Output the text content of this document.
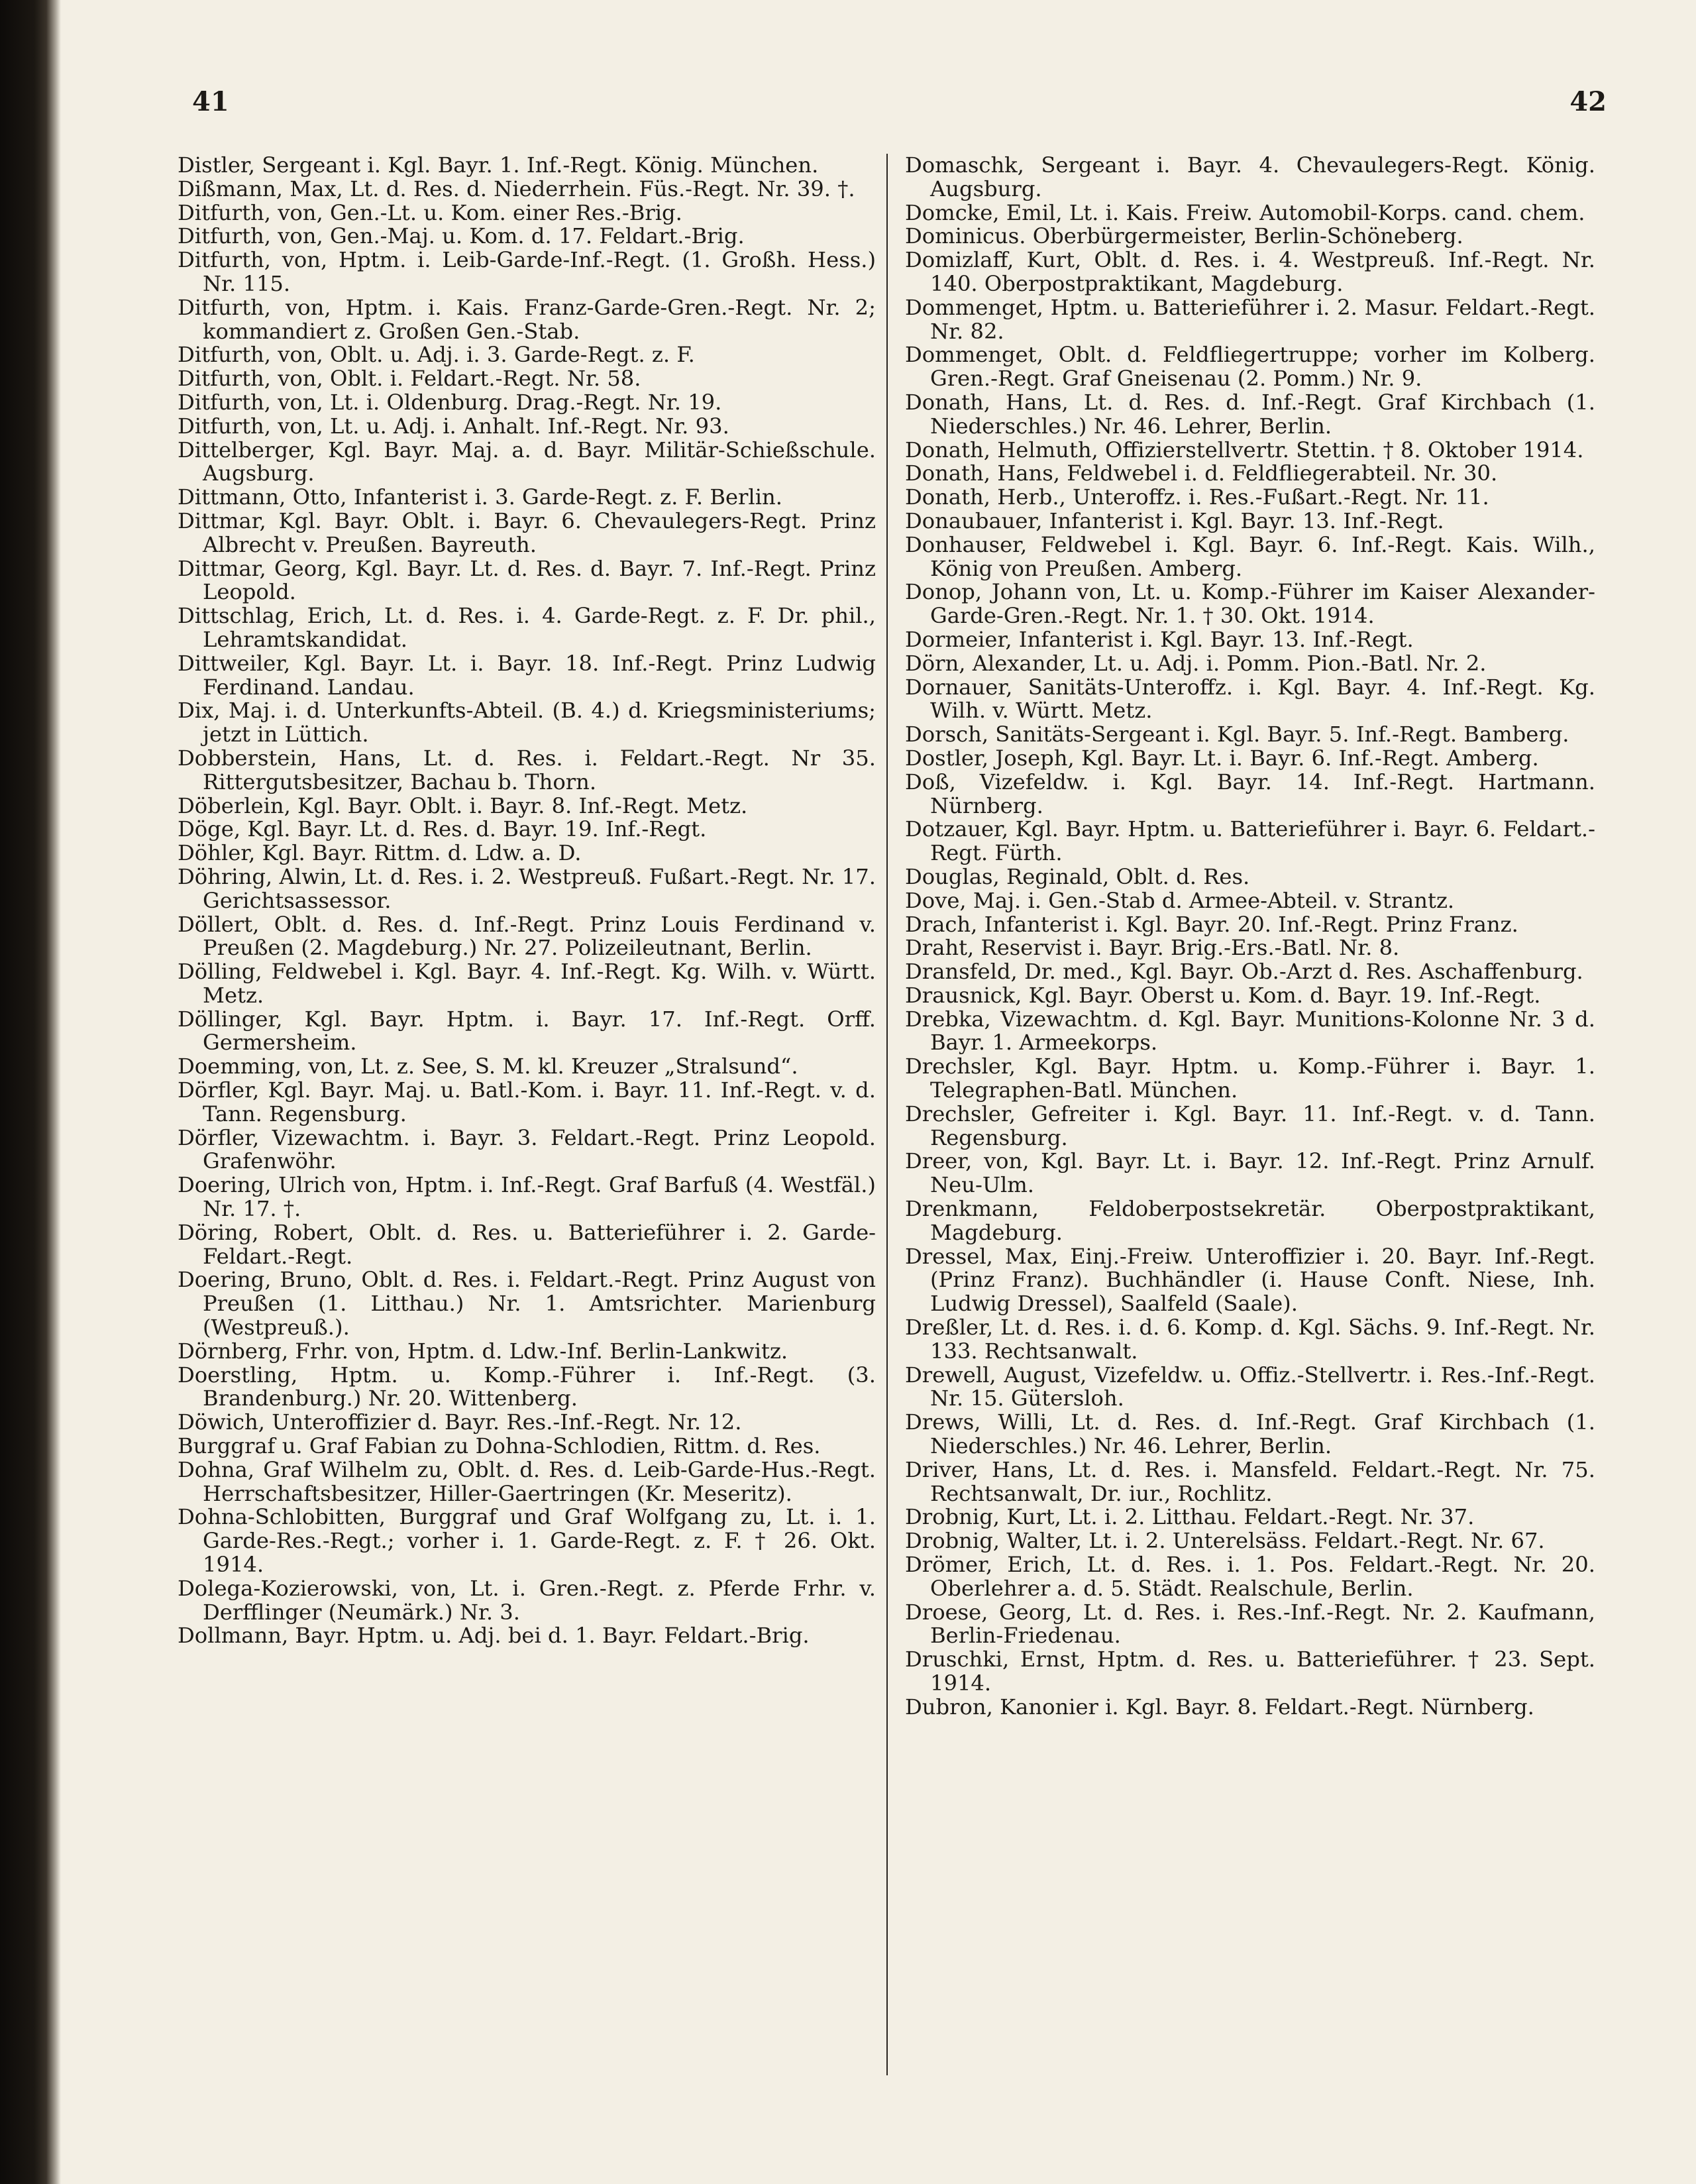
41	42

Distler, Sergeant i. Kgl. Bayr. 1. Inf.-Regt. König. München.
Dißmann, Max, Lt. d. Res. d. Niederrhein. Füs.-Regt. Nr. 39. †.
Ditfurth, von, Gen.-Lt. u. Kom. einer Res.-Brig.
Ditfurth, von, Gen.-Maj. u. Kom. d. 17. Feldart.-Brig.
Ditfurth, von, Hptm. i. Leib-Garde-Inf.-Regt. (1. Großh. Hess.) Nr. 115.
Ditfurth, von, Hptm. i. Kais. Franz-Garde-Gren.-Regt. Nr. 2; kommandiert z. Großen Gen.-Stab.
Ditfurth, von, Oblt. u. Adj. i. 3. Garde-Regt. z. F.
Ditfurth, von, Oblt. i. Feldart.-Regt. Nr. 58.
Ditfurth, von, Lt. i. Oldenburg. Drag.-Regt. Nr. 19.
Ditfurth, von, Lt. u. Adj. i. Anhalt. Inf.-Regt. Nr. 93.
Dittelberger, Kgl. Bayr. Maj. a. d. Bayr. Militär-Schießschule. Augsburg.
Dittmann, Otto, Infanterist i. 3. Garde-Regt. z. F. Berlin.
Dittmar, Kgl. Bayr. Oblt. i. Bayr. 6. Chevaulegers-Regt. Prinz Albrecht v. Preußen. Bayreuth.
Dittmar, Georg, Kgl. Bayr. Lt. d. Res. d. Bayr. 7. Inf.-Regt. Prinz Leopold.
Dittschlag, Erich, Lt. d. Res. i. 4. Garde-Regt. z. F. Dr. phil., Lehramtskandidat.
Dittweiler, Kgl. Bayr. Lt. i. Bayr. 18. Inf.-Regt. Prinz Ludwig Ferdinand. Landau.
Dix, Maj. i. d. Unterkunfts-Abteil. (B. 4.) d. Kriegsministeriums; jetzt in Lüttich.
Dobberstein, Hans, Lt. d. Res. i. Feldart.-Regt. Nr 35. Rittergutsbesitzer, Bachau b. Thorn.
Döberlein, Kgl. Bayr. Oblt. i. Bayr. 8. Inf.-Regt. Metz.
Döge, Kgl. Bayr. Lt. d. Res. d. Bayr. 19. Inf.-Regt.
Döhler, Kgl. Bayr. Rittm. d. Ldw. a. D.
Döhring, Alwin, Lt. d. Res. i. 2. Westpreuß. Fußart.-Regt. Nr. 17. Gerichtsassessor.
Döllert, Oblt. d. Res. d. Inf.-Regt. Prinz Louis Ferdinand v. Preußen (2. Magdeburg.) Nr. 27. Polizeileutnant, Berlin.
Dölling, Feldwebel i. Kgl. Bayr. 4. Inf.-Regt. Kg. Wilh. v. Württ. Metz.
Döllinger, Kgl. Bayr. Hptm. i. Bayr. 17. Inf.-Regt. Orff. Germersheim.
Doemming, von, Lt. z. See, S. M. kl. Kreuzer „Stralsund“.
Dörfler, Kgl. Bayr. Maj. u. Batl.-Kom. i. Bayr. 11. Inf.-Regt. v. d. Tann. Regensburg.
Dörfler, Vizewachtm. i. Bayr. 3. Feldart.-Regt. Prinz Leopold. Grafenwöhr.
Doering, Ulrich von, Hptm. i. Inf.-Regt. Graf Barfuß (4. Westfäl.) Nr. 17. †.
Döring, Robert, Oblt. d. Res. u. Batterieführer i. 2. Garde-Feldart.-Regt.
Doering, Bruno, Oblt. d. Res. i. Feldart.-Regt. Prinz August von Preußen (1. Litthau.) Nr. 1. Amtsrichter. Marienburg (Westpreuß.).
Dörnberg, Frhr. von, Hptm. d. Ldw.-Inf. Berlin-Lankwitz.
Doerstling, Hptm. u. Komp.-Führer i. Inf.-Regt. (3. Brandenburg.) Nr. 20. Wittenberg.
Döwich, Unteroffizier d. Bayr. Res.-Inf.-Regt. Nr. 12.
Burggraf u. Graf Fabian zu Dohna-Schlodien, Rittm. d. Res.
Dohna, Graf Wilhelm zu, Oblt. d. Res. d. Leib-Garde-Hus.-Regt. Herrschaftsbesitzer, Hiller-Gaertringen (Kr. Meseritz).
Dohna-Schlobitten, Burggraf und Graf Wolfgang zu, Lt. i. 1. Garde-Res.-Regt.; vorher i. 1. Garde-Regt. z. F. † 26. Okt. 1914.
Dolega-Kozierowski, von, Lt. i. Gren.-Regt. z. Pferde Frhr. v. Derfflinger (Neumärk.) Nr. 3.
Dollmann, Bayr. Hptm. u. Adj. bei d. 1. Bayr. Feldart.-Brig.
Domaschk, Sergeant i. Bayr. 4. Chevaulegers-Regt. König. Augsburg.
Domcke, Emil, Lt. i. Kais. Freiw. Automobil-Korps. cand. chem.
Dominicus. Oberbürgermeister, Berlin-Schöneberg.
Domizlaff, Kurt, Oblt. d. Res. i. 4. Westpreuß. Inf.-Regt. Nr. 140. Oberpostpraktikant, Magdeburg.
Dommenget, Hptm. u. Batterieführer i. 2. Masur. Feldart.-Regt. Nr. 82.
Dommenget, Oblt. d. Feldfliegertruppe; vorher im Kolberg. Gren.-Regt. Graf Gneisenau (2. Pomm.) Nr. 9.
Donath, Hans, Lt. d. Res. d. Inf.-Regt. Graf Kirchbach (1. Niederschles.) Nr. 46. Lehrer, Berlin.
Donath, Helmuth, Offizierstellvertr. Stettin. † 8. Oktober 1914.
Donath, Hans, Feldwebel i. d. Feldfliegerabteil. Nr. 30.
Donath, Herb., Unteroffz. i. Res.-Fußart.-Regt. Nr. 11.
Donaubauer, Infanterist i. Kgl. Bayr. 13. Inf.-Regt.
Donhauser, Feldwebel i. Kgl. Bayr. 6. Inf.-Regt. Kais. Wilh., König von Preußen. Amberg.
Donop, Johann von, Lt. u. Komp.-Führer im Kaiser Alexander-Garde-Gren.-Regt. Nr. 1. † 30. Okt. 1914.
Dormeier, Infanterist i. Kgl. Bayr. 13. Inf.-Regt.
Dörn, Alexander, Lt. u. Adj. i. Pomm. Pion.-Batl. Nr. 2.
Dornauer, Sanitäts-Unteroffz. i. Kgl. Bayr. 4. Inf.-Regt. Kg. Wilh. v. Württ. Metz.
Dorsch, Sanitäts-Sergeant i. Kgl. Bayr. 5. Inf.-Regt. Bamberg.
Dostler, Joseph, Kgl. Bayr. Lt. i. Bayr. 6. Inf.-Regt. Amberg.
Doß, Vizefeldw. i. Kgl. Bayr. 14. Inf.-Regt. Hartmann. Nürnberg.
Dotzauer, Kgl. Bayr. Hptm. u. Batterieführer i. Bayr. 6. Feldart.-Regt. Fürth.
Douglas, Reginald, Oblt. d. Res.
Dove, Maj. i. Gen.-Stab d. Armee-Abteil. v. Strantz.
Drach, Infanterist i. Kgl. Bayr. 20. Inf.-Regt. Prinz Franz.
Draht, Reservist i. Bayr. Brig.-Ers.-Batl. Nr. 8.
Dransfeld, Dr. med., Kgl. Bayr. Ob.-Arzt d. Res. Aschaffenburg.
Drausnick, Kgl. Bayr. Oberst u. Kom. d. Bayr. 19. Inf.-Regt.
Drebka, Vizewachtm. d. Kgl. Bayr. Munitions-Kolonne Nr. 3 d. Bayr. 1. Armeekorps.
Drechsler, Kgl. Bayr. Hptm. u. Komp.-Führer i. Bayr. 1. Telegraphen-Batl. München.
Drechsler, Gefreiter i. Kgl. Bayr. 11. Inf.-Regt. v. d. Tann. Regensburg.
Dreer, von, Kgl. Bayr. Lt. i. Bayr. 12. Inf.-Regt. Prinz Arnulf. Neu-Ulm.
Drenkmann, Feldoberpostsekretär. Oberpostpraktikant, Magdeburg.
Dressel, Max, Einj.-Freiw. Unteroffizier i. 20. Bayr. Inf.-Regt. (Prinz Franz). Buchhändler (i. Hause Conft. Niese, Inh. Ludwig Dressel), Saalfeld (Saale).
Dreßler, Lt. d. Res. i. d. 6. Komp. d. Kgl. Sächs. 9. Inf.-Regt. Nr. 133. Rechtsanwalt.
Drewell, August, Vizefeldw. u. Offiz.-Stellvertr. i. Res.-Inf.-Regt. Nr. 15. Gütersloh.
Drews, Willi, Lt. d. Res. d. Inf.-Regt. Graf Kirchbach (1. Niederschles.) Nr. 46. Lehrer, Berlin.
Driver, Hans, Lt. d. Res. i. Mansfeld. Feldart.-Regt. Nr. 75. Rechtsanwalt, Dr. iur., Rochlitz.
Drobnig, Kurt, Lt. i. 2. Litthau. Feldart.-Regt. Nr. 37.
Drobnig, Walter, Lt. i. 2. Unterelsäss. Feldart.-Regt. Nr. 67.
Drömer, Erich, Lt. d. Res. i. 1. Pos. Feldart.-Regt. Nr. 20. Oberlehrer a. d. 5. Städt. Realschule, Berlin.
Droese, Georg, Lt. d. Res. i. Res.-Inf.-Regt. Nr. 2. Kaufmann, Berlin-Friedenau.
Druschki, Ernst, Hptm. d. Res. u. Batterieführer. † 23. Sept. 1914.
Dubron, Kanonier i. Kgl. Bayr. 8. Feldart.-Regt. Nürnberg.
